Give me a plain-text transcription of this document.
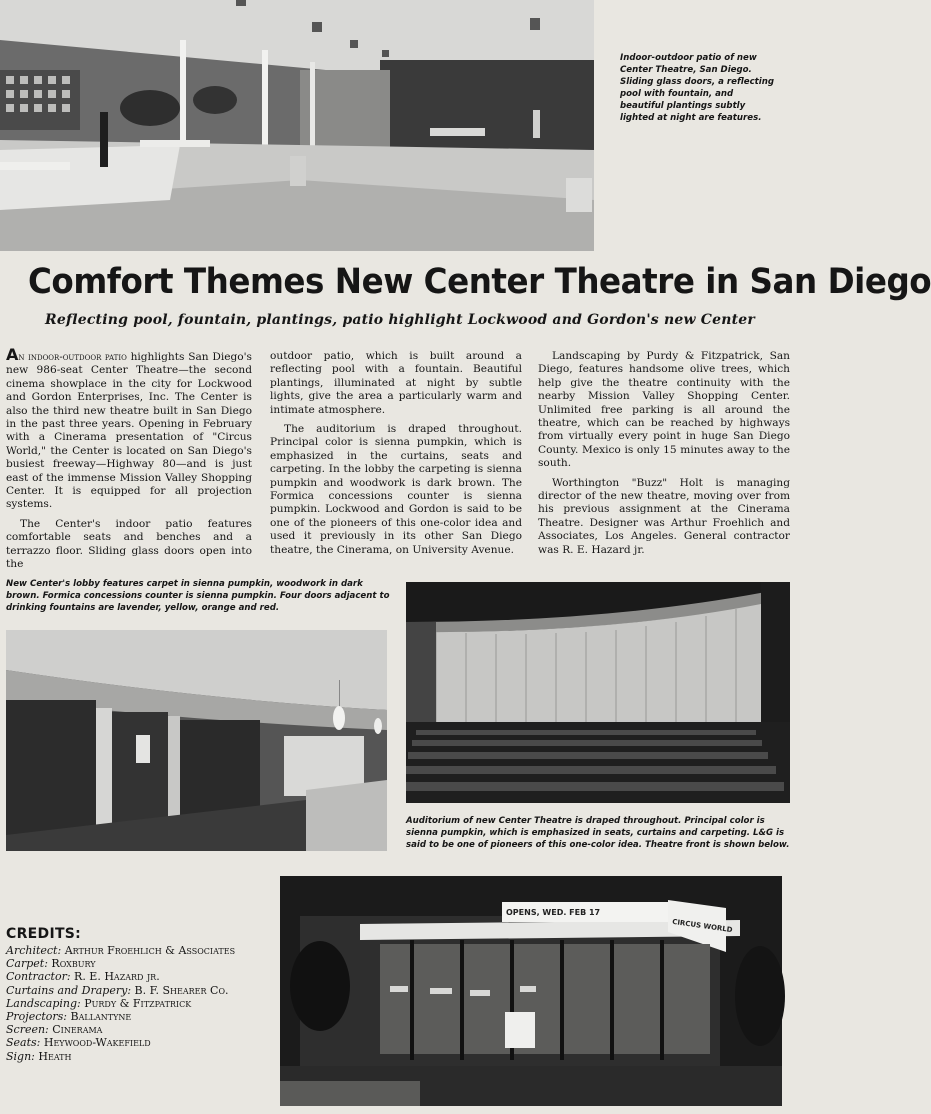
Indoor-outdoor patio of new Center Theatre, San Diego. Sliding glass doors, a reflecting pool with fountain, and beautiful plantings subtly lighted at night are features.
Comfort Themes New Center Theatre in San Diego
Reflecting pool, fountain, plantings, patio highlight Lockwood and Gordon's new Center

An indoor-outdoor patio highlights San Diego's new 986-seat Center Theatre—the second cinema showplace in the city for Lockwood and Gordon Enterprises, Inc. The Center is also the third new theatre built in San Diego in the past three years. Opening in February with a Cinerama presentation of "Circus World," the Center is located on San Diego's busiest freeway—Highway 80—and is just east of the immense Mission Valley Shopping Center. It is equipped for all projection systems.

The Center's indoor patio features comfortable seats and benches and a terrazzo floor. Sliding glass doors open into the

outdoor patio, which is built around a reflecting pool with a fountain. Beautiful plantings, illuminated at night by subtle lights, give the area a particularly warm and intimate atmosphere.

The auditorium is draped throughout. Principal color is sienna pumpkin, which is emphasized in the curtains, seats and carpeting. In the lobby the carpeting is sienna pumpkin and woodwork is dark brown. The Formica concessions counter is sienna pumpkin. Lockwood and Gordon is said to be one of the pioneers of this one-color idea and used it previously in its other San Diego theatre, the Cinerama, on University Avenue.

Landscaping by Purdy & Fitzpatrick, San Diego, features handsome olive trees, which help give the theatre continuity with the nearby Mission Valley Shopping Center. Unlimited free parking is all around the theatre, which can be reached by highways from virtually every point in huge San Diego County. Mexico is only 15 minutes away to the south.

Worthington "Buzz" Holt is managing director of the new theatre, moving over from his previous assignment at the Cinerama Theatre. Designer was Arthur Froehlich and Associates, Los Angeles. General contractor was R. E. Hazard jr.

New Center's lobby features carpet in sienna pumpkin, woodwork in dark brown. Formica concessions counter is sienna pumpkin. Four doors adjacent to drinking fountains are lavender, yellow, orange and red.
Auditorium of new Center Theatre is draped throughout. Principal color is sienna pumpkin, which is emphasized in seats, curtains and carpeting. L&G is said to be one of pioneers of this one-color idea. Theatre front is shown below.
OPENS, WED. FEB 17
CIRCUS WORLD
CREDITS:
Architect: Arthur Froehlich & Associates
Carpet: Roxbury
Contractor: R. E. Hazard jr.
Curtains and Drapery: B. F. Shearer Co.
Landscaping: Purdy & Fitzpatrick
Projectors: Ballantyne
Screen: Cinerama
Seats: Heywood-Wakefield
Sign: Heath
